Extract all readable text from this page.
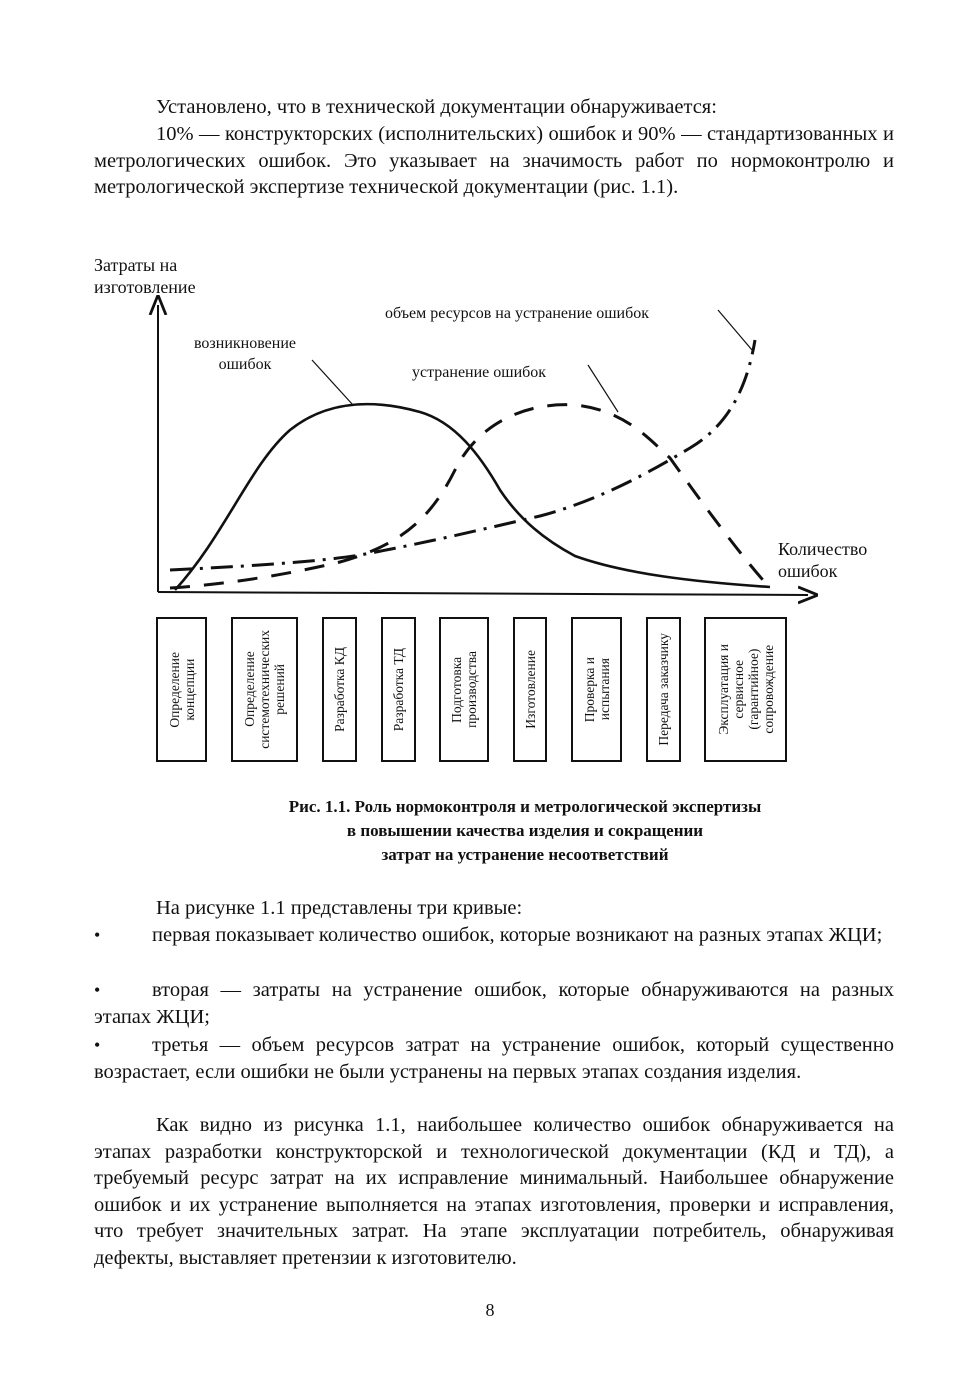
Установлено, что в технической документации обнаруживается:

10% — конструкторских (исполнительских) ошибок и 90% — стандартизованных и метрологических ошибок. Это указывает на значимость работ по нормоконтролю и метрологической экспертизе технической документации (рис. 1.1).

Затраты на
изготовление
объем ресурсов на устранение ошибок
возникновение
ошибок	устранение ошибок
Количество
ошибок
Определение
концепции	Определение
системотехнических
решений	Разработка КД	Разработка ТД	Подготовка
производства	Изготовление	Проверка и
испытания	Передача заказчику	Эксплуатация и
сервисное
(гарантийное)
сопровождение
Рис. 1.1. Роль нормоконтроля и метрологической экспертизы
в повышении качества изделия и сокращении
затрат на устранение несоответствий

На рисунке 1.1 представлены три кривые:

•	первая показывает количество ошибок, которые возникают на разных этапах ЖЦИ;

•	вторая — затраты на устранение ошибок, которые обнаруживаются на разных этапах ЖЦИ;

•	третья — объем ресурсов затрат на устранение ошибок, который существенно возрастает, если ошибки не были устранены на первых этапах создания изделия.

Как видно из рисунка 1.1, наибольшее количество ошибок обнаруживается на этапах разработки конструкторской и технологической документации (КД и ТД), а требуемый ресурс затрат на их исправление минимальный. Наибольшее обнаружение ошибок и их устранение выполняется на этапах изготовления, проверки и исправления, что требует значительных затрат. На этапе эксплуатации потребитель, обнаруживая дефекты, выставляет претензии к изготовителю.

8
